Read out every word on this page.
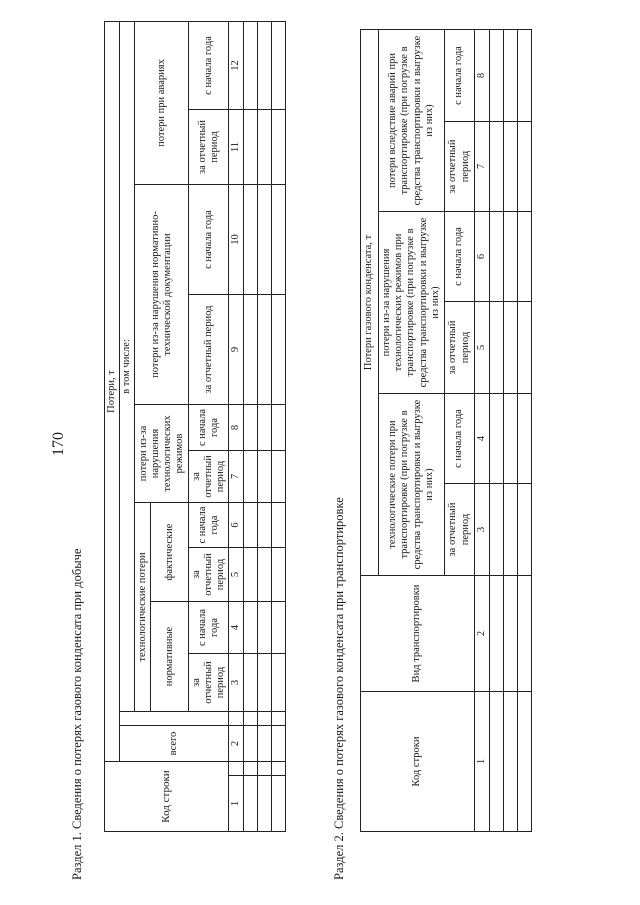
170
Раздел 1. Сведения о потерях газового конденсата при добыче	Код строки		Потери, т											
		всего		в том числе:									
				технологические потери				потери из-за нарушения технологических режимов		потери из-за нарушения нормативно-технической документации		потери при авариях	
				нормативные		фактические							
				за отчетный период	с начала года	за отчетный период	с начала года	за отчетный период	с начала года	за отчетный период	с начала года	за отчетный период	с начала года
1		2		3	4	5	6	7	8	9	10	11	12

Раздел 2. Сведения о потерях газового конденсата при транспортировке	Код строки	Вид транспортировки	Потери газового конденсата, т					
		технологические потери при транспортировке (при погрузке в средства транспортировки и выгрузке из них)		потери из-за нарушения технологических режимов при транспортировке (при погрузке в средства транспортировки и выгрузке из них)		потери вследствие аварий при транспортировке (при погрузке в средства транспортировки и выгрузке из них)	
		за отчетный период	с начала года	за отчетный период	с начала года	за отчетный период	с начала года
1	2	3	4	5	6	7	8
